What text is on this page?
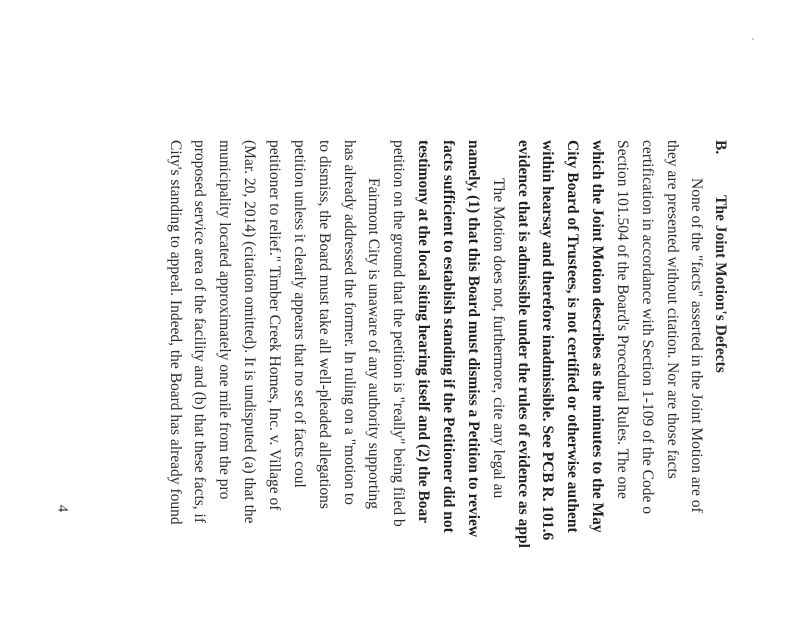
B.
The Joint Motion's Defects
None of the "facts" asserted in the Joint Motion are of
they are presented without citation. Nor are those facts
certification in accordance with Section 1-109 of the Code o
Section 101.504 of the Board's Procedural Rules. The one
which the Joint Motion describes as the minutes to the May
City Board of Trustees, is not certified or otherwise authent
within hearsay and therefore inadmissible. See PCB R. 101.6
evidence that is admissible under the rules of evidence as appl
The Motion does not, furthermore, cite any legal au
namely, (1) that this Board must dismiss a Petition to review
facts sufficient to establish standing if the Petitioner did not
testimony at the local siting hearing itself and (2) the Boar
petition on the ground that the petition is "really" being filed b
Fairmont City is unaware of any authority supporting
has already addressed the former. In ruling on a "motion to
to dismiss, the Board must take all well-pleaded allegations
petition unless it clearly appears that no set of facts coul
petitioner to relief." Timber Creek Homes, Inc. v. Village of
(Mar. 20, 2014) (citation omitted). It is undisputed (a) that the
municipality located approximately one mile from the pro
proposed service area of the facility and (b) that these facts, if
City's standing to appeal. Indeed, the Board has already found
4
